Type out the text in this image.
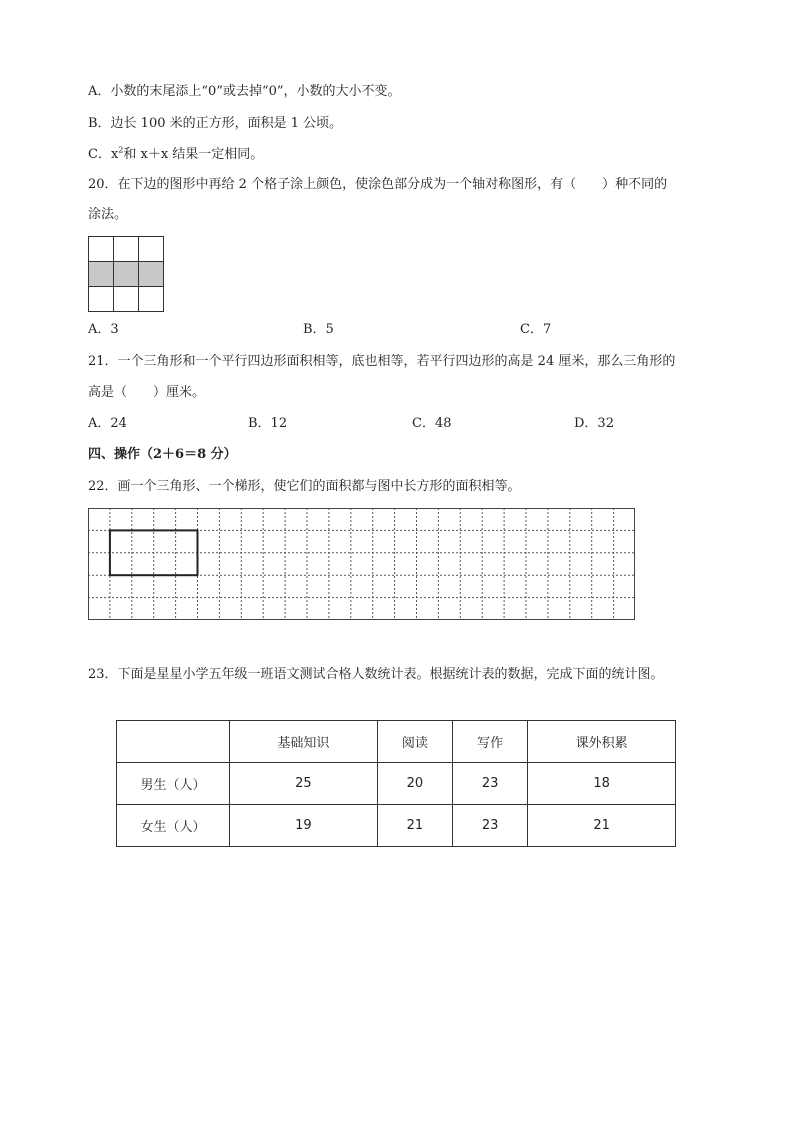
A．小数的末尾添上“0”或去掉“0”，小数的大小不变。
B．边长 100 米的正方形，面积是 1 公顷。
C．$x^2$和 x＋x 结果一定相同。
20．在下边的图形中再给 2 个格子涂上颜色，使涂色部分成为一个轴对称图形，有（　　）种不同的
涂法。
A．3	B．5	C．7
21．一个三角形和一个平行四边形面积相等，底也相等，若平行四边形的高是 24 厘米，那么三角形的
高是（　　）厘米。
A．24	B．12	C．48	D．32
四、操作（2＋6＝8 分）
22．画一个三角形、一个梯形，使它们的面积都与图中长方形的面积相等。
23．下面是星星小学五年级一班语文测试合格人数统计表。根据统计表的数据，完成下面的统计图。
	基础知识	阅读	写作	课外积累
男生（人）	25	20	23	18
女生（人）	19	21	23	21
